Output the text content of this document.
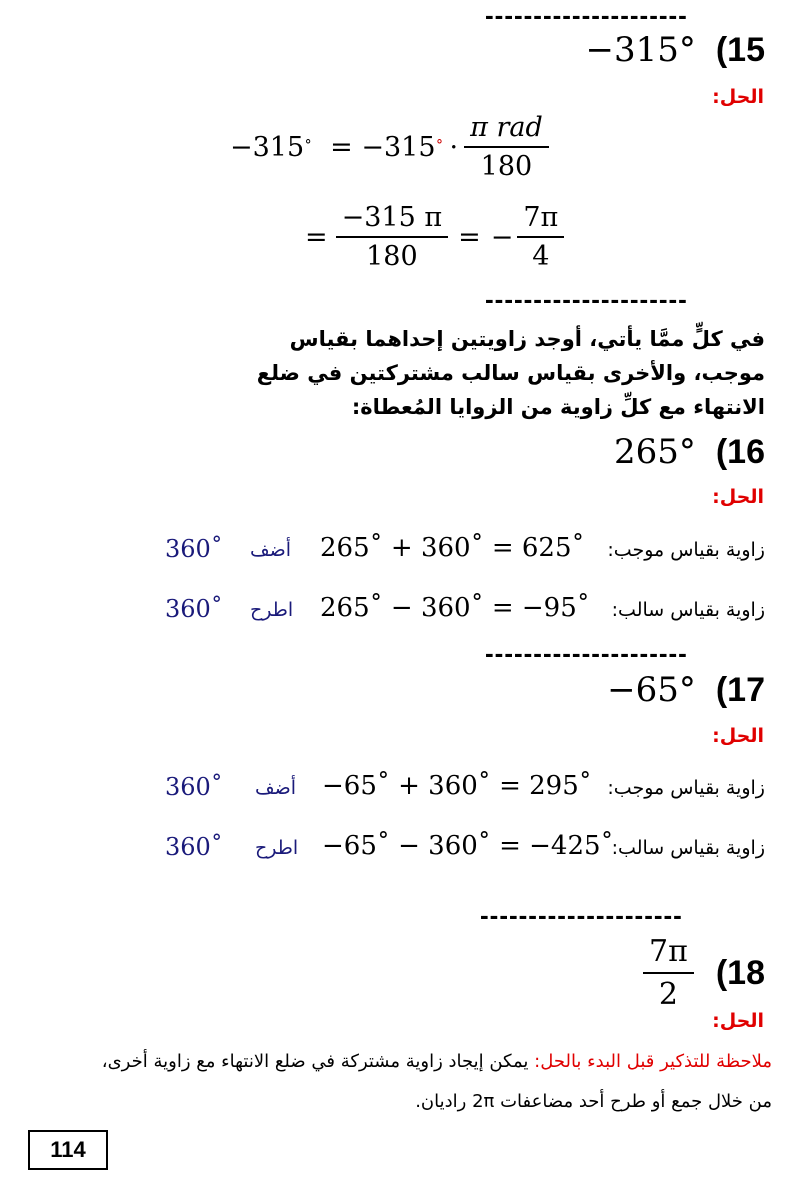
---------------------
−315° (15
الحل:
−315 ˚ = −315 ˚ · $\frac{\text{π rad}}{180}$
= $\frac{-315 \pi}{180}$ = − $\frac{7\pi}{4}$
---------------------
في كلٍّ ممَّا يأتي، أوجد زاويتين إحداهما بقياس موجب، والأخرى بقياس سالب مشتركتين في ضلع الانتهاء مع كلِّ زاوية من الزوايا المُعطاة:
265° (16
الحل:
زاوية بقياس موجب:
265˚ + 360˚ = 625˚
أضف
360˚
زاوية بقياس سالب:
265˚ − 360˚ = −95˚
اطرح
360˚
---------------------
−65° (17
الحل:
زاوية بقياس موجب:
−65˚ + 360˚ = 295˚
أضف
360˚
زاوية بقياس سالب:
−65˚ − 360˚ = −425˚
اطرح
360˚
---------------------
$\frac{7\pi}{2} (18$
الحل:
ملاحظة للتذكير قبل البدء بالحل: يمكن إيجاد زاوية مشتركة في ضلع الانتهاء مع زاوية أخرى،
من خلال جمع أو طرح أحد مضاعفات 2π راديان.
114
